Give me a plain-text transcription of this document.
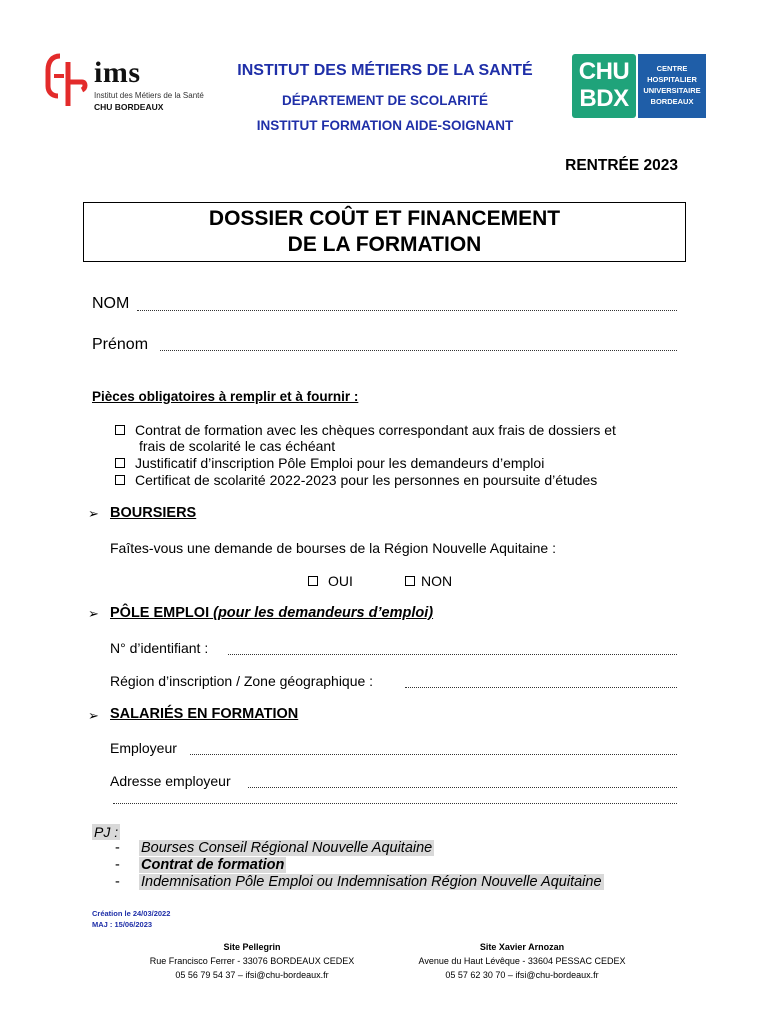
ims
Institut des Métiers de la Santé
CHU BORDEAUX
INSTITUT DES MÉTIERS DE LA SANTÉ
DÉPARTEMENT DE SCOLARITÉ
INSTITUT FORMATION AIDE-SOIGNANT
CHU
BDX
CENTRE
HOSPITALIER
UNIVERSITAIRE
BORDEAUX
RENTRÉE 2023
DOSSIER COÛT ET FINANCEMENT
DE LA FORMATION
NOM
Prénom
Pièces obligatoires à remplir et à fournir :
Contrat de formation avec les chèques correspondant aux frais de dossiers et
frais de scolarité le cas échéant
Justificatif d’inscription Pôle Emploi pour les demandeurs d’emploi
Certificat de scolarité 2022-2023 pour les personnes en poursuite d’études
➢ BOURSIERS
Faîtes-vous une demande de bourses de la Région Nouvelle Aquitaine :
OUI	NON
➢ PÔLE EMPLOI (pour les demandeurs d’emploi)
N° d’identifiant :
Région d’inscription / Zone géographique :
➢ SALARIÉS EN FORMATION
Employeur
Adresse employeur
PJ :
- Bourses Conseil Régional Nouvelle Aquitaine
- Contrat de formation
- Indemnisation Pôle Emploi ou Indemnisation Région Nouvelle Aquitaine
Création le 24/03/2022
MAJ : 15/06/2023
Site Pellegrin
Rue Francisco Ferrer - 33076 BORDEAUX CEDEX
05 56 79 54 37 – ifsi@chu-bordeaux.fr
Site Xavier Arnozan
Avenue du Haut Lévêque - 33604 PESSAC CEDEX
05 57 62 30 70 – ifsi@chu-bordeaux.fr
